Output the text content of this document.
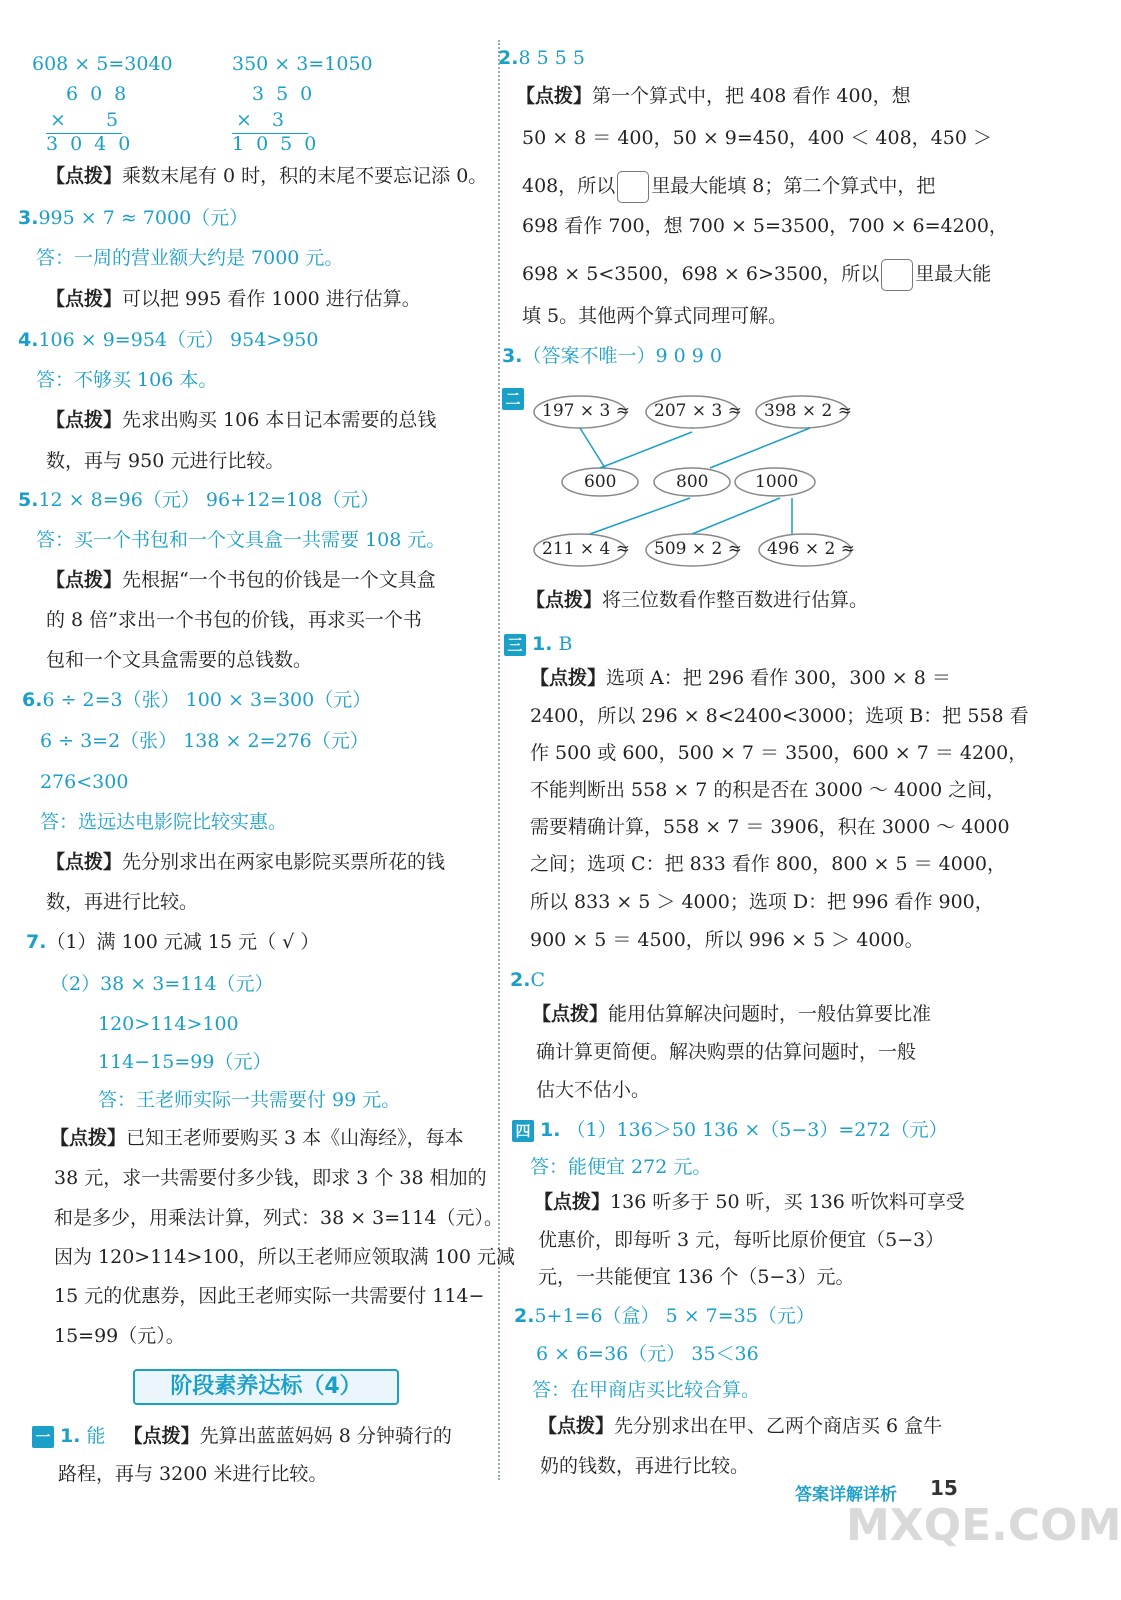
608 × 5=3040	350 × 3=1050
608
× 5
3040
350
× 3
1050
【点拨】乘数末尾有 0 时，积的末尾不要忘记添 0。
3.995 × 7 ≈ 7000（元）
答：一周的营业额大约是 7000 元。
【点拨】可以把 995 看作 1000 进行估算。
4.106 × 9=954（元） 954>950
答：不够买 106 本。
【点拨】先求出购买 106 本日记本需要的总钱
数，再与 950 元进行比较。
5.12 × 8=96（元） 96+12=108（元）
答：买一个书包和一个文具盒一共需要 108 元。
【点拨】先根据“一个书包的价钱是一个文具盒
的 8 倍”求出一个书包的价钱，再求买一个书
包和一个文具盒需要的总钱数。
6.6 ÷ 2=3（张） 100 × 3=300（元）
6 ÷ 3=2（张） 138 × 2=276（元）
276<300
答：选远达电影院比较实惠。
【点拨】先分别求出在两家电影院买票所花的钱
数，再进行比较。
7.（1）满 100 元减 15 元（ √ ）
（2）38 × 3=114（元）
120>114>100
114−15=99（元）
答：王老师实际一共需要付 99 元。
【点拨】已知王老师要购买 3 本《山海经》，每本
38 元，求一共需要付多少钱，即求 3 个 38 相加的
和是多少，用乘法计算，列式：38 × 3=114（元）。
因为 120>114>100，所以王老师应领取满 100 元减
15 元的优惠券，因此王老师实际一共需要付 114−
15=99（元）。
阶段素养达标（4）
一 1. 能 【点拨】先算出蓝蓝妈妈 8 分钟骑行的
路程，再与 3200 米进行比较。
2.8 5 5 5
【点拨】第一个算式中，把 408 看作 400，想
50 × 8 ＝ 400，50 × 9=450，400 ＜ 408，450 ＞
408，所以 里最大能填 8；第二个算式中，把
698 看作 700，想 700 × 5=3500，700 × 6=4200，
698 × 5<3500，698 × 6>3500，所以 里最大能
填 5。其他两个算式同理可解。
3.（答案不唯一）9 0 9 0
二
【点拨】将三位数看作整百数进行估算。
三 1. B
【点拨】选项 A：把 296 看作 300，300 × 8 ＝
2400，所以 296 × 8<2400<3000；选项 B：把 558 看
作 500 或 600，500 × 7 ＝ 3500，600 × 7 ＝ 4200，
不能判断出 558 × 7 的积是否在 3000 ～ 4000 之间，
需要精确计算，558 × 7 ＝ 3906，积在 3000 ～ 4000
之间；选项 C：把 833 看作 800，800 × 5 ＝ 4000，
所以 833 × 5 ＞ 4000；选项 D：把 996 看作 900，
900 × 5 ＝ 4500，所以 996 × 5 ＞ 4000。
2.C
【点拨】能用估算解决问题时，一般估算要比准
确计算更简便。解决购票的估算问题时，一般
估大不估小。
四 1. （1）136＞50 136 ×（5−3）=272（元）
答：能便宜 272 元。
【点拨】136 听多于 50 听，买 136 听饮料可享受
优惠价，即每听 3 元，每听比原价便宜（5−3）
元，一共能便宜 136 个（5−3）元。
2.5+1=6（盒） 5 × 7=35（元）
6 × 6=36（元） 35＜36
答：在甲商店买比较合算。
【点拨】先分别求出在甲、乙两个商店买 6 盒牛
奶的钱数，再进行比较。
197 × 3 ≈ 207 × 3 ≈ 398 × 2 ≈
600	800	1000
211 × 4 ≈ 509 × 2 ≈ 496 × 2 ≈
答案详解详析 15
MXQE.COM
